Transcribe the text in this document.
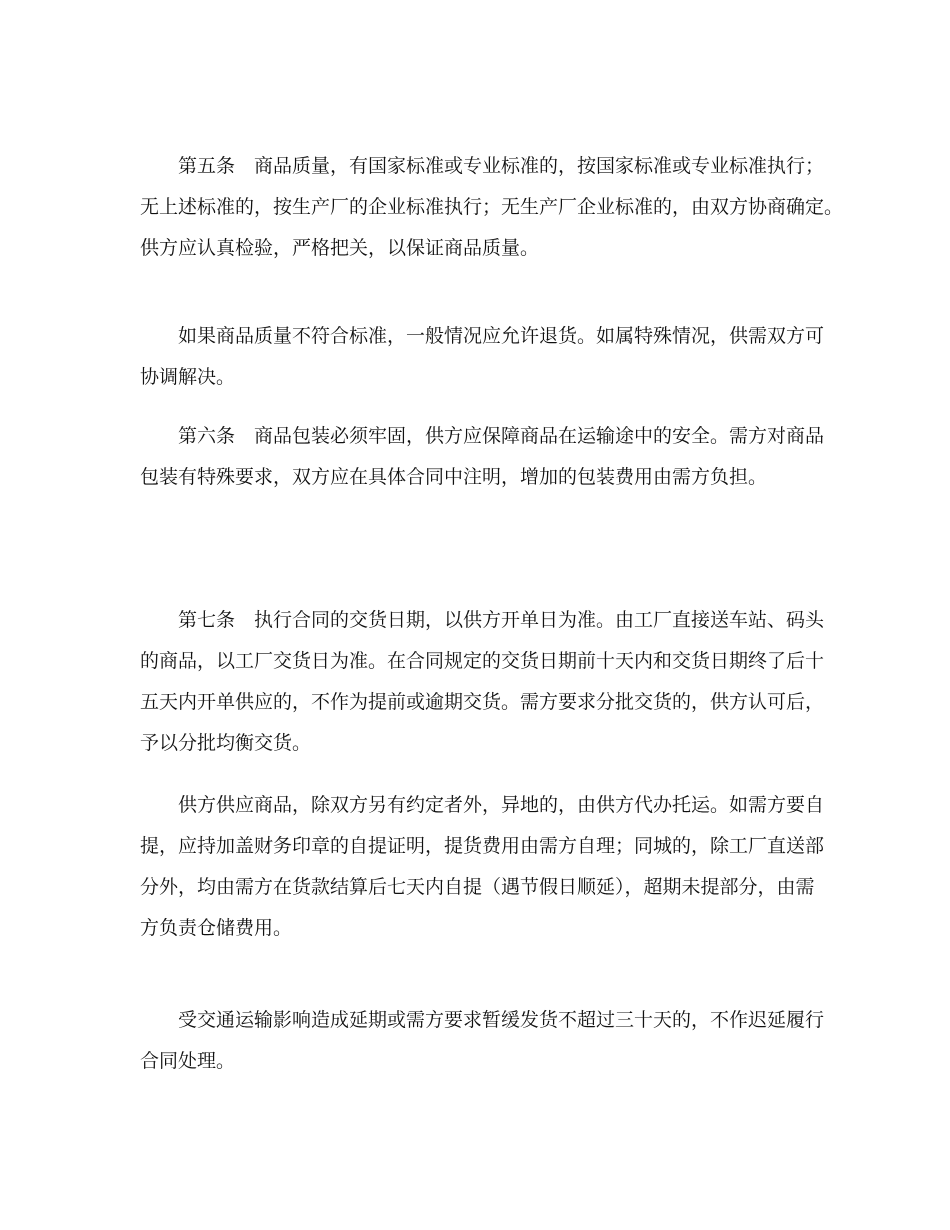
第五条　商品质量，有国家标准或专业标准的，按国家标准或专业标准执行；
无上述标准的，按生产厂的企业标准执行；无生产厂企业标准的，由双方协商确定。
供方应认真检验，严格把关，以保证商品质量。
如果商品质量不符合标准，一般情况应允许退货。如属特殊情况，供需双方可
协调解决。
第六条　商品包装必须牢固，供方应保障商品在运输途中的安全。需方对商品
包装有特殊要求，双方应在具体合同中注明，增加的包装费用由需方负担。
第七条　执行合同的交货日期，以供方开单日为准。由工厂直接送车站、码头
的商品，以工厂交货日为准。在合同规定的交货日期前十天内和交货日期终了后十
五天内开单供应的，不作为提前或逾期交货。需方要求分批交货的，供方认可后，
予以分批均衡交货。
供方供应商品，除双方另有约定者外，异地的，由供方代办托运。如需方要自
提，应持加盖财务印章的自提证明，提货费用由需方自理；同城的，除工厂直送部
分外，均由需方在货款结算后七天内自提（遇节假日顺延），超期未提部分，由需
方负责仓储费用。
受交通运输影响造成延期或需方要求暂缓发货不超过三十天的，不作迟延履行
合同处理。
